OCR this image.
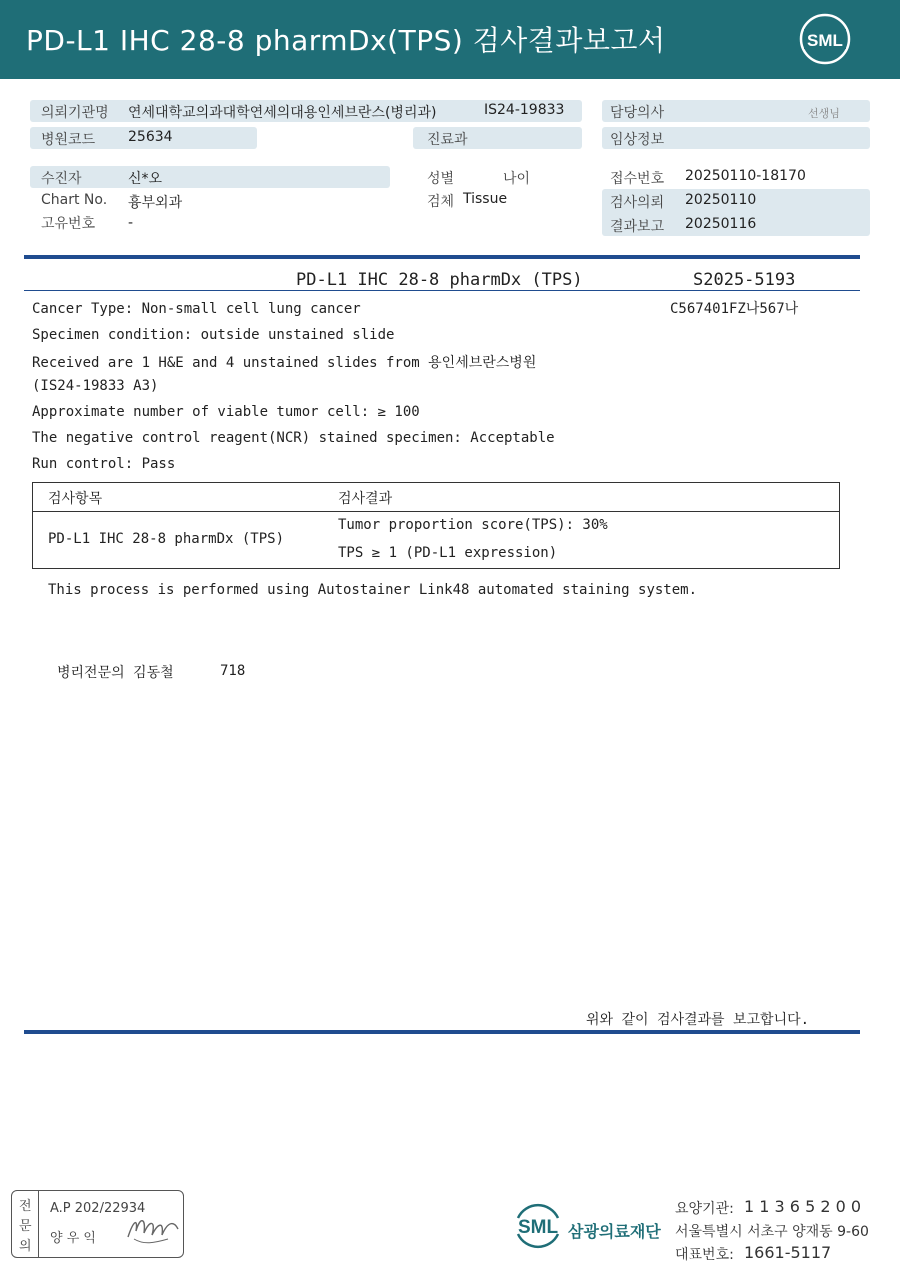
PD-L1 IHC 28-8 pharmDx(TPS) 검사결과보고서	SML
의뢰기관명 연세대학교의과대학연세의대용인세브란스(병리과)	IS24-19833	담당의사	선생님
병원코드 25634	진료과	임상정보
수진자	신*오	성별	나이	접수번호 20250110-18170
Chart No. 흉부외과	검체 Tissue	검사의뢰 20250110
고유번호 -	결과보고 20250116
PD-L1 IHC 28-8 pharmDx (TPS)	S2025-5193
C567401FZ나567나
Cancer Type: Non-small cell lung cancer
Specimen condition: outside unstained slide
Received are 1 H&E and 4 unstained slides from 용인세브란스병원
(IS24-19833 A3)
Approximate number of viable tumor cell: ≥ 100
The negative control reagent(NCR) stained specimen: Acceptable
Run control: Pass
검사항목	검사결과
PD-L1 IHC 28-8 pharmDx (TPS)
Tumor proportion score(TPS): 30%
TPS ≥ 1 (PD-L1 expression)
This process is performed using Autostainer Link48 automated staining system.
병리전문의 김동철	718
위와 같이 검사결과를 보고합니다.
전
문
의
A.P 202/22934
양 우 익
SML 삼광의료재단
요양기관: 1 1 3 6 5 2 0 0
서울특별시 서초구 양재동 9-60
대표번호: 1661-5117
